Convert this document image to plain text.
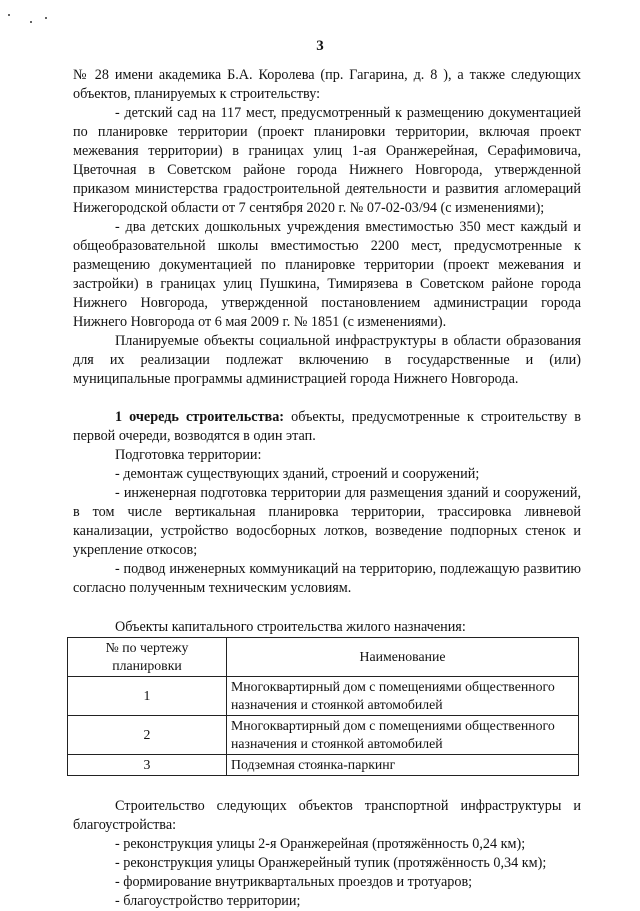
3

№ 28 имени академика Б.А. Королева (пр. Гагарина, д. 8 ), а также следующих объектов, планируемых к строительству:

- детский сад на 117 мест, предусмотренный к размещению документацией по планировке территории (проект планировки территории, включая проект межевания территории) в границах улиц 1-ая Оранжерейная, Серафимовича, Цветочная в Советском районе города Нижнего Новгорода, утвержденной приказом министерства градостроительной деятельности и развития агломераций Нижегородской области от 7 сентября 2020 г. № 07-02-03/94 (с изменениями);

- два детских дошкольных учреждения вместимостью 350 мест каждый и общеобразовательной школы вместимостью 2200 мест, предусмотренные к размещению документацией по планировке территории (проект межевания и застройки) в границах улиц Пушкина, Тимирязева в Советском районе города Нижнего Новгорода, утвержденной постановлением администрации города Нижнего Новгорода от 6 мая 2009 г. № 1851 (с изменениями).

Планируемые объекты социальной инфраструктуры в области образования для их реализации подлежат включению в государственные и (или) муниципальные программы администрацией города Нижнего Новгорода.

1 очередь строительства: объекты, предусмотренные к строительству в первой очереди, возводятся в один этап.

Подготовка территории:

- демонтаж существующих зданий, строений и сооружений;

- инженерная подготовка территории для размещения зданий и сооружений, в том числе вертикальная планировка территории, трассировка ливневой канализации, устройство водосборных лотков, возведение подпорных стенок и укрепление откосов;

- подвод инженерных коммуникаций на территорию, подлежащую развитию согласно полученным техническим условиям.

Объекты капитального строительства жилого назначения:

№ по чертежу планировки	Наименование
1	Многоквартирный дом с помещениями общественного назначения и стоянкой автомобилей
2	Многоквартирный дом с помещениями общественного назначения и стоянкой автомобилей
3	Подземная стоянка-паркинг

Строительство следующих объектов транспортной инфраструктуры и благоустройства:

- реконструкция улицы 2-я Оранжерейная (протяжённость 0,24 км);

- реконструкция улицы Оранжерейный тупик (протяжённость 0,34 км);

- формирование внутриквартальных проездов и тротуаров;

- благоустройство территории;
